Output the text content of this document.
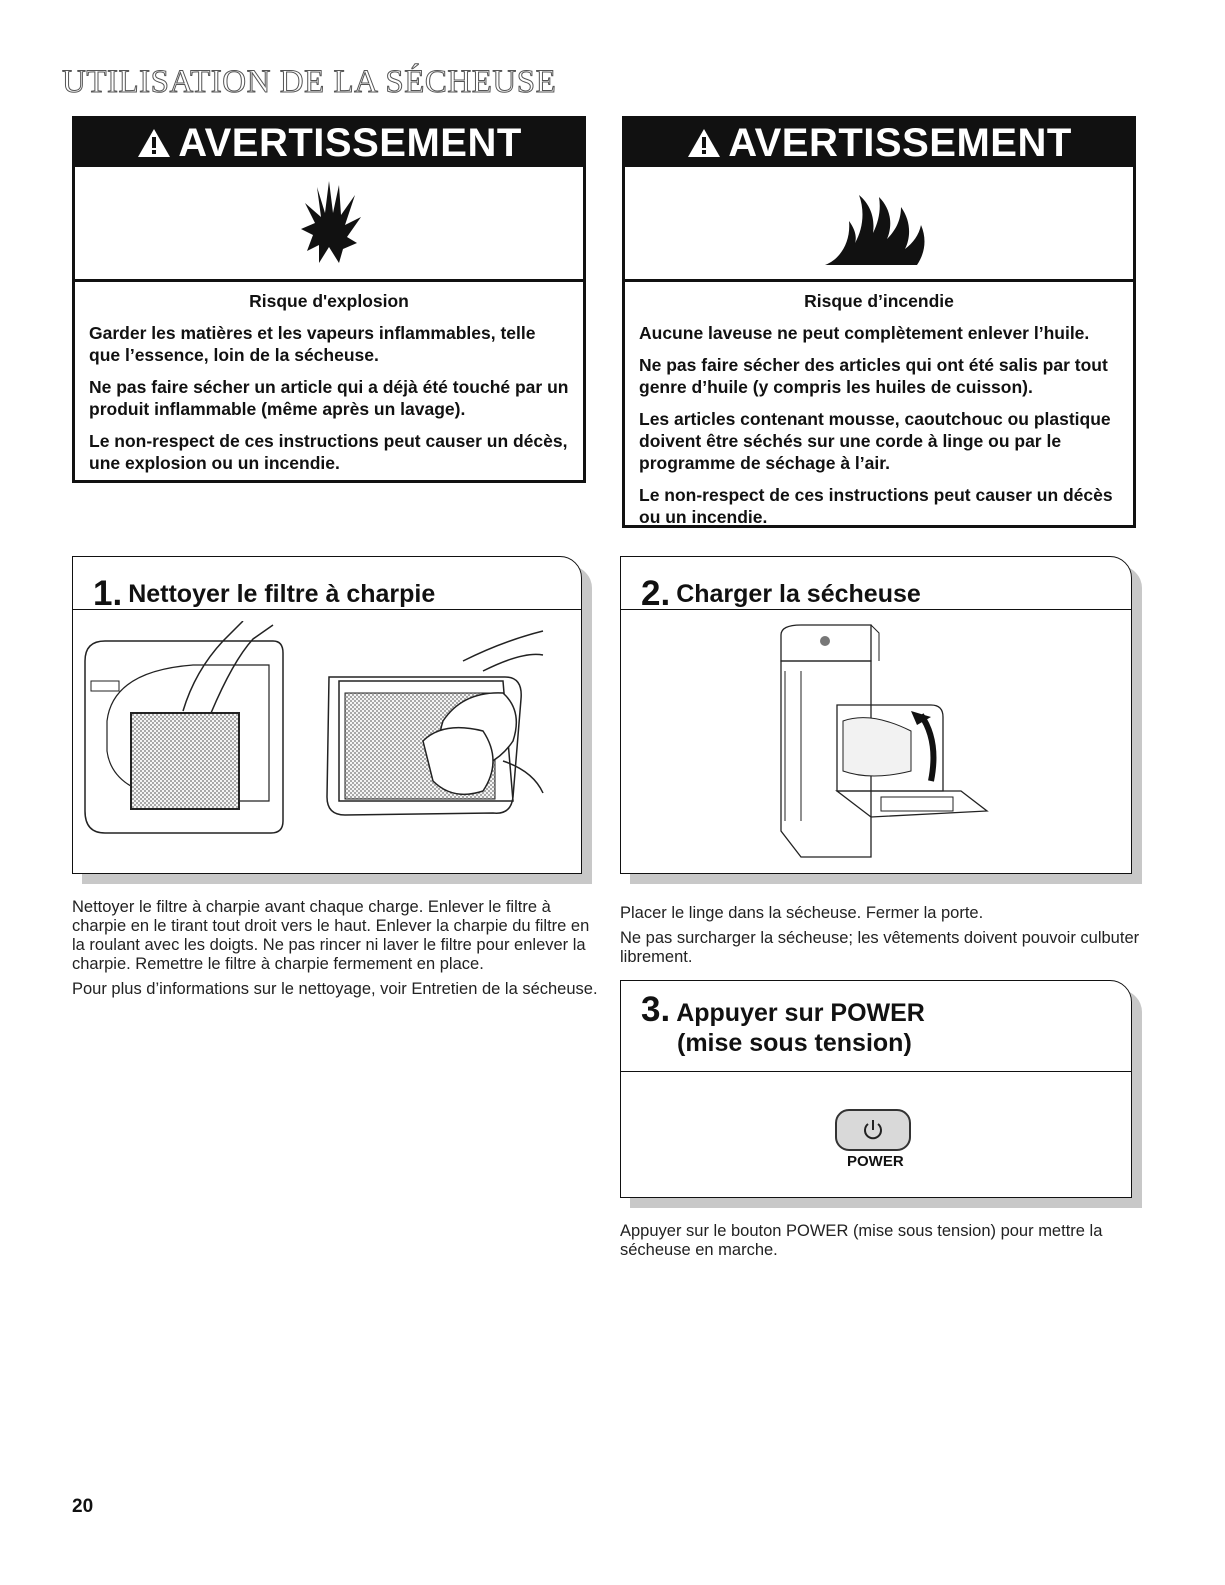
UTILISATION DE LA SÉCHEUSE
AVERTISSEMENT

Risque d'explosion

Garder les matières et les vapeurs inflammables, telle que l’essence, loin de la sécheuse.

Ne pas faire sécher un article qui a déjà été touché par un produit inflammable (même après un lavage).

Le non-respect de ces instructions peut causer un décès, une explosion ou un incendie.

AVERTISSEMENT

Risque d’incendie

Aucune laveuse ne peut complètement enlever l’huile.

Ne pas faire sécher des articles qui ont été salis par tout genre d’huile (y compris les huiles de cuisson).

Les articles contenant mousse, caoutchouc ou plastique doivent être séchés sur une corde à linge ou par le programme de séchage à l’air.

Le non-respect de ces instructions peut causer un décès ou un incendie.

1. Nettoyer le filtre à charpie

Nettoyer le filtre à charpie avant chaque charge. Enlever le filtre à charpie en le tirant tout droit vers le haut. Enlever la charpie du filtre en la roulant avec les doigts. Ne pas rincer ni laver le filtre pour enlever la charpie. Remettre le filtre à charpie fermement en place.

Pour plus d’informations sur le nettoyage, voir Entretien de la sécheuse.

2. Charger la sécheuse

Placer le linge dans la sécheuse. Fermer la porte.

Ne pas surcharger la sécheuse; les vêtements doivent pouvoir culbuter librement.

3. Appuyer sur POWER
(mise sous tension)
POWER

Appuyer sur le bouton POWER (mise sous tension) pour mettre la sécheuse en marche.

20
